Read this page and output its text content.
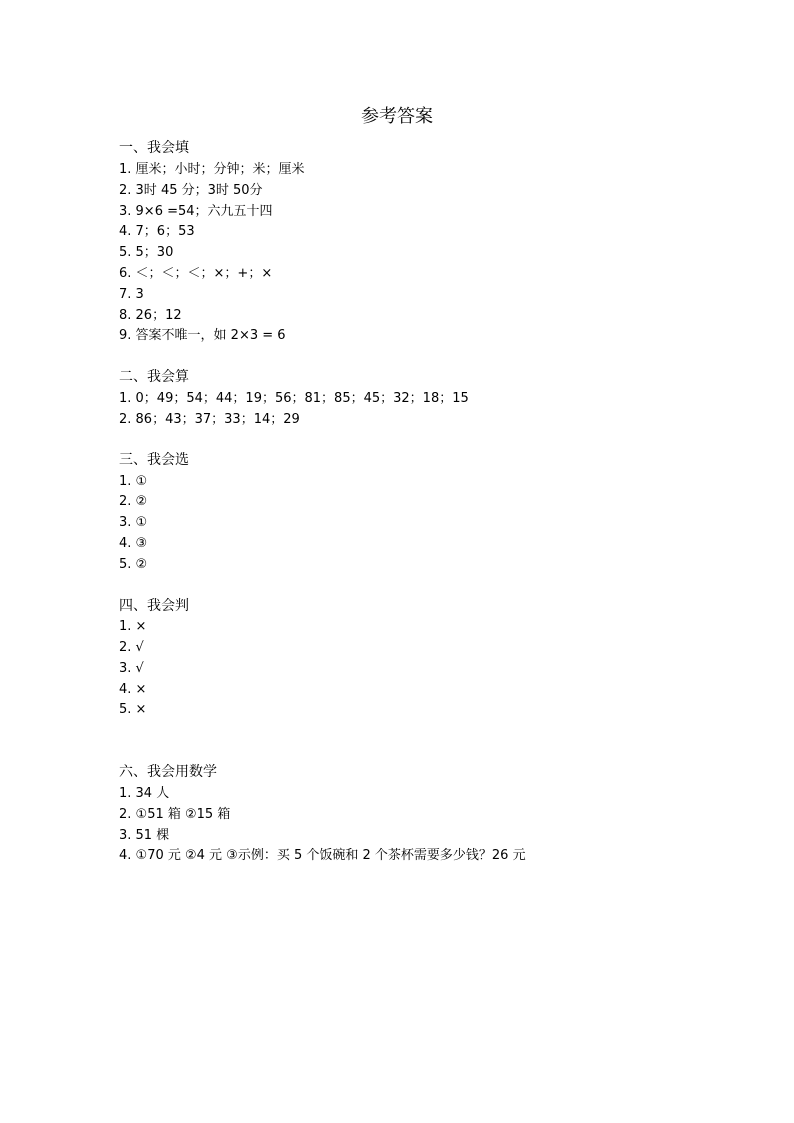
参考答案
一、我会填
1. 厘米；小时；分钟；米；厘米
2. 3时 45 分；3时 50分
3. 9×6 =54；六九五十四
4. 7；6；53
5. 5；30
6. ＜；＜；＜；×；+；×
7. 3
8. 26；12
9. 答案不唯一，如 2×3 = 6
二、我会算
1. 0；49；54；44；19；56；81；85；45；32；18；15
2. 86；43；37；33；14；29
三、我会选
1. ①
2. ②
3. ①
4. ③
5. ②
四、我会判
1. ×
2. √
3. √
4. ×
5. ×
六、我会用数学
1. 34 人
2. ①51 箱 ②15 箱
3. 51 棵
4. ①70 元 ②4 元 ③示例：买 5 个饭碗和 2 个茶杯需要多少钱？26 元
